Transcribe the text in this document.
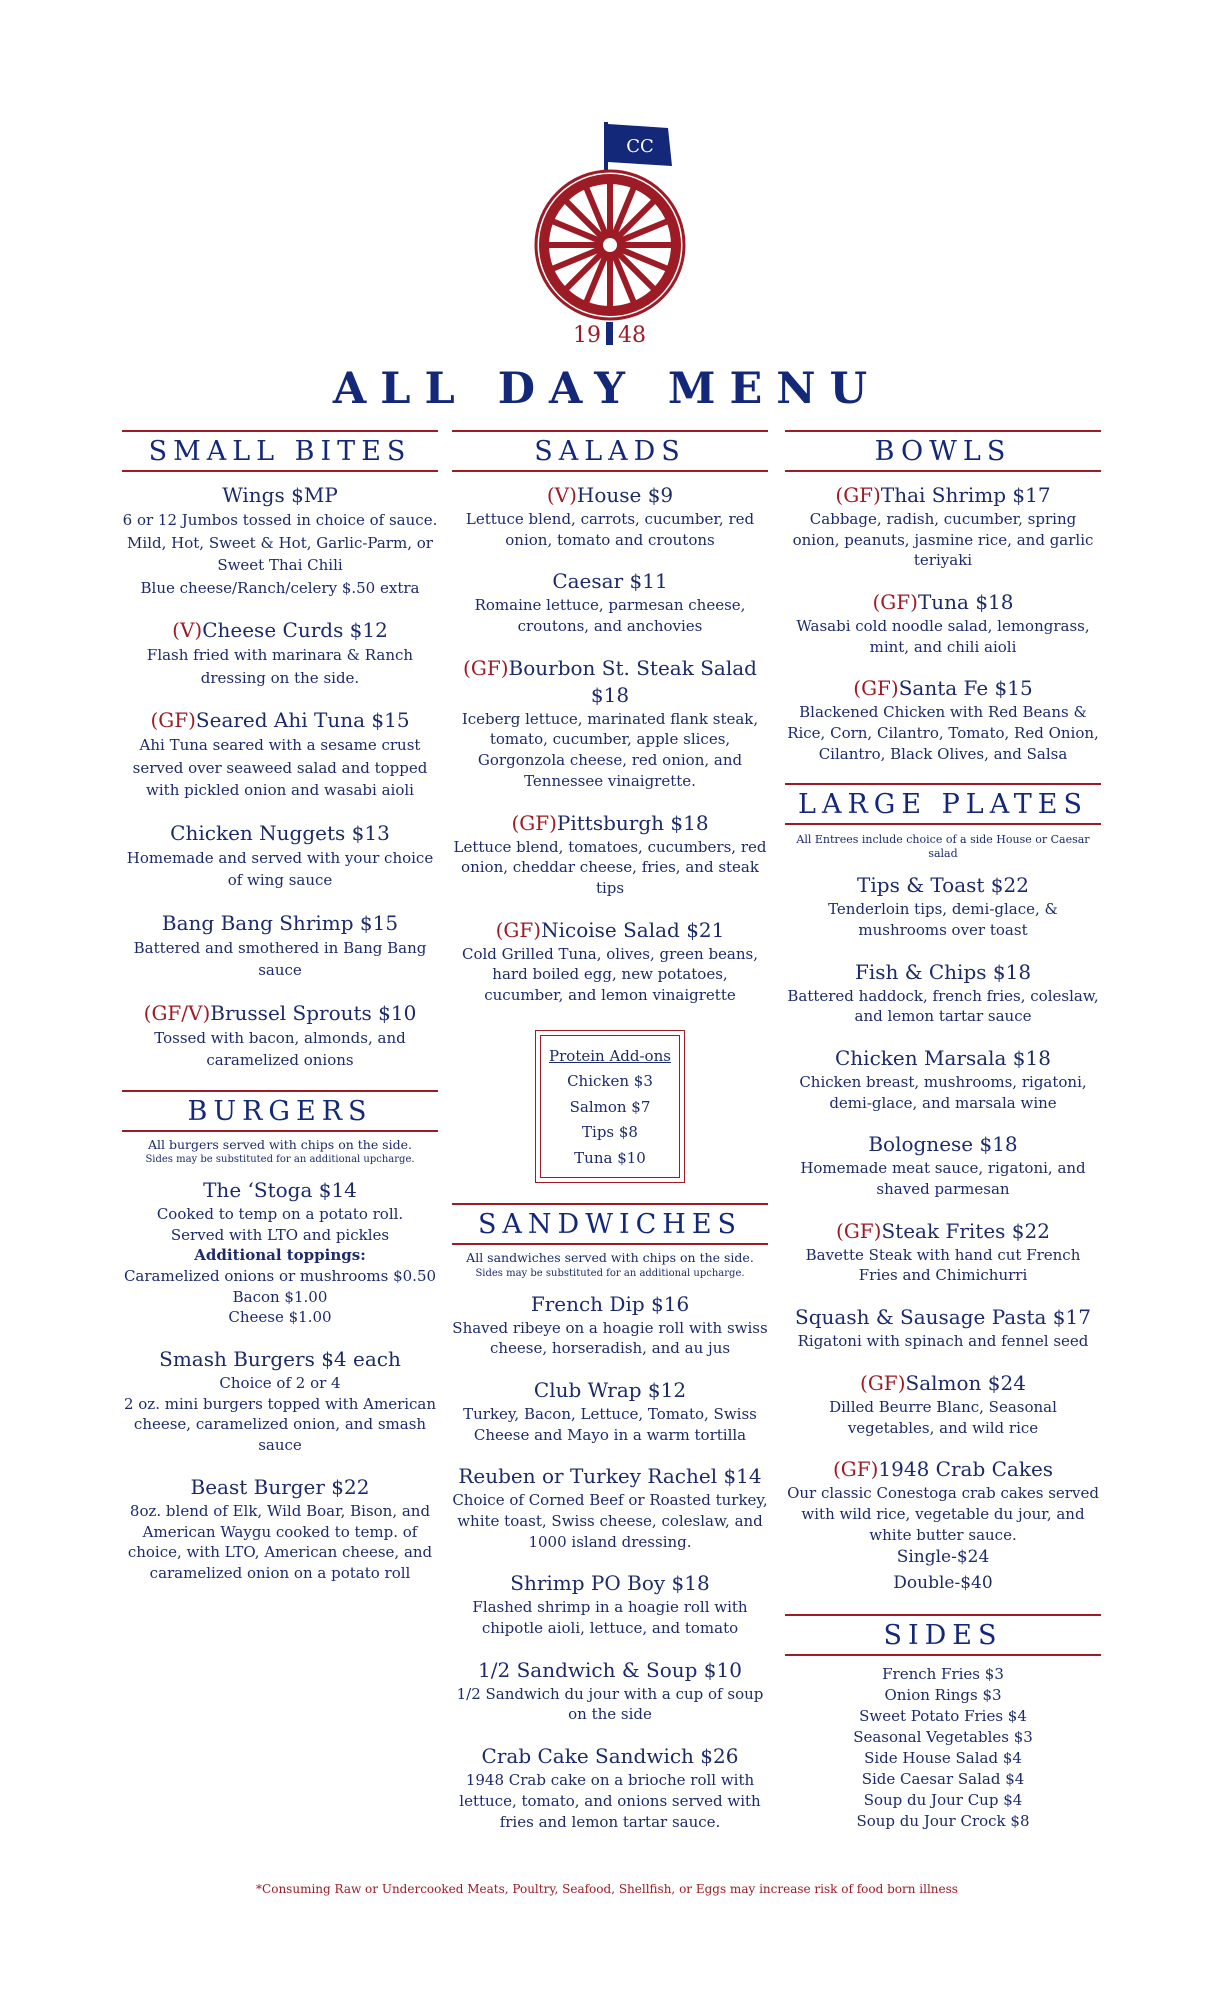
CC
19 48
ALL DAY MENU
SMALL BITES
Wings $MP
6 or 12 Jumbos tossed in choice of sauce. Mild, Hot, Sweet & Hot, Garlic-Parm, or Sweet Thai Chili
Blue cheese/Ranch/celery $.50 extra
(V)Cheese Curds $12
Flash fried with marinara & Ranch dressing on the side.
(GF)Seared Ahi Tuna $15
Ahi Tuna seared with a sesame crust served over seaweed salad and topped with pickled onion and wasabi aioli
Chicken Nuggets $13
Homemade and served with your choice of wing sauce
Bang Bang Shrimp $15
Battered and smothered in Bang Bang sauce
(GF/V)Brussel Sprouts $10
Tossed with bacon, almonds, and caramelized onions
BURGERS
All burgers served with chips on the side.
Sides may be substituted for an additional upcharge.
The ‘Stoga $14
Cooked to temp on a potato roll.
Served with LTO and pickles
Additional toppings:
Caramelized onions or mushrooms $0.50
Bacon $1.00
Cheese $1.00
Smash Burgers $4 each
Choice of 2 or 4
2 oz. mini burgers topped with American cheese, caramelized onion, and smash sauce
Beast Burger $22
8oz. blend of Elk, Wild Boar, Bison, and American Waygu cooked to temp. of choice, with LTO, American cheese, and caramelized onion on a potato roll
SALADS
(V)House $9
Lettuce blend, carrots, cucumber, red onion, tomato and croutons
Caesar $11
Romaine lettuce, parmesan cheese, croutons, and anchovies
(GF)Bourbon St. Steak Salad $18
Iceberg lettuce, marinated flank steak, tomato, cucumber, apple slices, Gorgonzola cheese, red onion, and Tennessee vinaigrette.
(GF)Pittsburgh $18
Lettuce blend, tomatoes, cucumbers, red onion, cheddar cheese, fries, and steak tips
(GF)Nicoise Salad $21
Cold Grilled Tuna, olives, green beans, hard boiled egg, new potatoes, cucumber, and lemon vinaigrette
Protein Add-ons
Chicken $3
Salmon $7
Tips $8
Tuna $10
SANDWICHES
All sandwiches served with chips on the side.
Sides may be substituted for an additional upcharge.
French Dip $16
Shaved ribeye on a hoagie roll with swiss cheese, horseradish, and au jus
Club Wrap $12
Turkey, Bacon, Lettuce, Tomato, Swiss Cheese and Mayo in a warm tortilla
Reuben or Turkey Rachel $14
Choice of Corned Beef or Roasted turkey, white toast, Swiss cheese, coleslaw, and 1000 island dressing.
Shrimp PO Boy $18
Flashed shrimp in a hoagie roll with chipotle aioli, lettuce, and tomato
1/2 Sandwich & Soup $10
1/2 Sandwich du jour with a cup of soup on the side
Crab Cake Sandwich $26
1948 Crab cake on a brioche roll with lettuce, tomato, and onions served with fries and lemon tartar sauce.
BOWLS
(GF)Thai Shrimp $17
Cabbage, radish, cucumber, spring onion, peanuts, jasmine rice, and garlic teriyaki
(GF)Tuna $18
Wasabi cold noodle salad, lemongrass, mint, and chili aioli
(GF)Santa Fe $15
Blackened Chicken with Red Beans & Rice, Corn, Cilantro, Tomato, Red Onion, Cilantro, Black Olives, and Salsa
LARGE PLATES
All Entrees include choice of a side House or Caesar salad
Tips & Toast $22
Tenderloin tips, demi-glace, & mushrooms over toast
Fish & Chips $18
Battered haddock, french fries, coleslaw, and lemon tartar sauce
Chicken Marsala $18
Chicken breast, mushrooms, rigatoni, demi-glace, and marsala wine
Bolognese $18
Homemade meat sauce, rigatoni, and shaved parmesan
(GF)Steak Frites $22
Bavette Steak with hand cut French Fries and Chimichurri
Squash & Sausage Pasta $17
Rigatoni with spinach and fennel seed
(GF)Salmon $24
Dilled Beurre Blanc, Seasonal vegetables, and wild rice
(GF)1948 Crab Cakes
Our classic Conestoga crab cakes served with wild rice, vegetable du jour, and white butter sauce.
Single-$24
Double-$40
SIDES
French Fries $3
Onion Rings $3
Sweet Potato Fries $4
Seasonal Vegetables $3
Side House Salad $4
Side Caesar Salad $4
Soup du Jour Cup $4
Soup du Jour Crock $8
*Consuming Raw or Undercooked Meats, Poultry, Seafood, Shellfish, or Eggs may increase risk of food born illness
